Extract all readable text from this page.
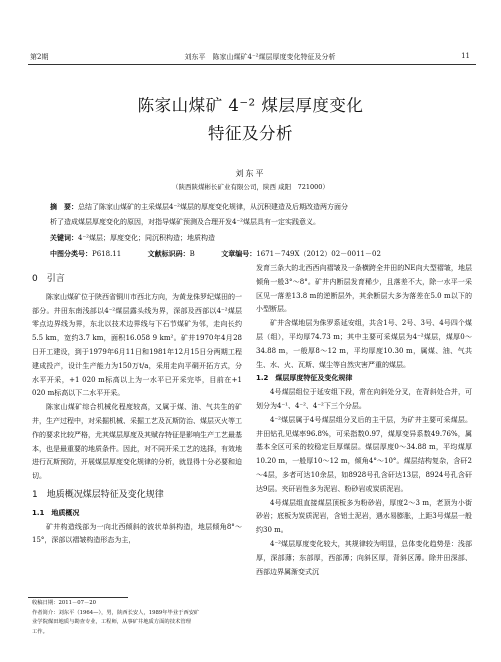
第2期	刘东平　陈家山煤矿4⁻²煤层厚度变化特征及分析	11
陈家山煤矿 4⁻² 煤层厚度变化
特征及分析
刘东平
（陕西陕煤彬长矿业有限公司，陕西 咸阳　721000）
摘　要：总结了陈家山煤矿的主采煤层4⁻²煤层的厚度变化规律，从沉积建造及后期改造两方面分
析了造成煤层厚度变化的原因，对指导煤矿预测及合理开发4⁻²煤层具有一定实践意义。
关键词：4⁻²煤层；厚度变化；同沉积构造；地质构造
中图分类号：P618.11	文献标识码：B	文章编号：1671－749X（2012）02－0011－02

0　引言

陈家山煤矿位于陕西省铜川市西北方向，为黄龙侏罗纪煤田的一部分。井田东南浅部以4⁻²煤层露头线为界，深部及西部以4⁻²煤层零点边界线为界，东北以技术边界线与下石节煤矿为邻，走向长约5.5 km，宽约3.7 km，面积16.058 9 km²。矿井1970年4月28日开工建设，到于1979年6月11日和1981年12月15日分两期工程建成投产，设计生产能力为150万t/a，采用走向平硐开拓方式，分水平开采，+1 020 m标高以上为一水平已开采完毕，目前在+1 020 m标高以下二水平开采。

陈家山煤矿综合机械化程度较高，又属于煤、油、气共生的矿井，生产过程中，对采掘机械、采掘工艺及瓦斯防治、煤层灭火等工作的要求比较严格，尤其煤层厚度及其赋存特征是影响生产工艺最基本，也是最重要的地质条件。因此，对不同开采工艺的选择，有效地进行瓦斯预防，开展煤层厚度变化规律的分析，就显得十分必要和迫切。

1　地质概况煤层特征及变化规律

1.1　地质概况

矿井构造线部为一向北西倾斜的波状单斜构造，地层倾角8°～15°，深部以褶皱构造形态为主，

发育三条大的北西西向褶皱及一条横跨全井田的NE向大型褶皱，地层倾角一般3°～8°。矿井内断层发育稀少，且落差不大，除一水平一采区见一落差13.8 m的逆断层外，其余断层大多为落差在5.0 m以下的小型断层。

矿井含煤地层为侏罗系延安组，共含1号、2号、3号、4号四个煤层（组），平均厚74.73 m；其中主要可采煤层为4⁻²煤层，煤厚0～34.88 m，一般厚8～12 m，平均厚度10.30 m，属煤、油、气共生、水、火、瓦斯、煤尘等自然灾害严重的煤层。

1.2　煤层厚度特征及变化规律

4号煤层组位于延安组下段，常在向斜处分叉，在背斜处合并，可划分为4⁻¹、4⁻²、4⁻²下三个分层。

4⁻²煤层属于4号煤层组分叉后的主干层，为矿井主要可采煤层。井田钻孔见煤率96.8%，可采指数0.97，煤厚变异系数49.76%，属基本全区可采的较稳定巨厚煤层。煤层厚度0～34.88 m，平均煤厚10.20 m，一般厚10～12 m，倾角4°～10°。煤层结构复杂，含矸2～4层，多者可达10余层，如8928号孔含矸达13层，8924号孔含矸达9层。夹矸岩性多为泥岩、粉砂岩或炭质泥岩。

4号煤层组直接煤层顶板多为粉砂岩，厚度2～3 m，老顶为小街砂岩；底板为炭质泥岩，含铝土泥岩，遇水易膨胀，上距3号煤层一般约30 m。

4⁻²煤层厚度变化较大，其规律较为明显，总体变化趋势是：浅部厚，深部薄；东部厚，西部薄；向斜区厚，背斜区薄。除井田深部、西部边界属渐变式沉

收稿日期：2011－07－20
作者简介：刘东平（1964—），男，陕西长安人，1989年毕业于西安矿
业学院煤田地质与勘查专业，工程师，从事矿井地质方面的技术管理
工作。
